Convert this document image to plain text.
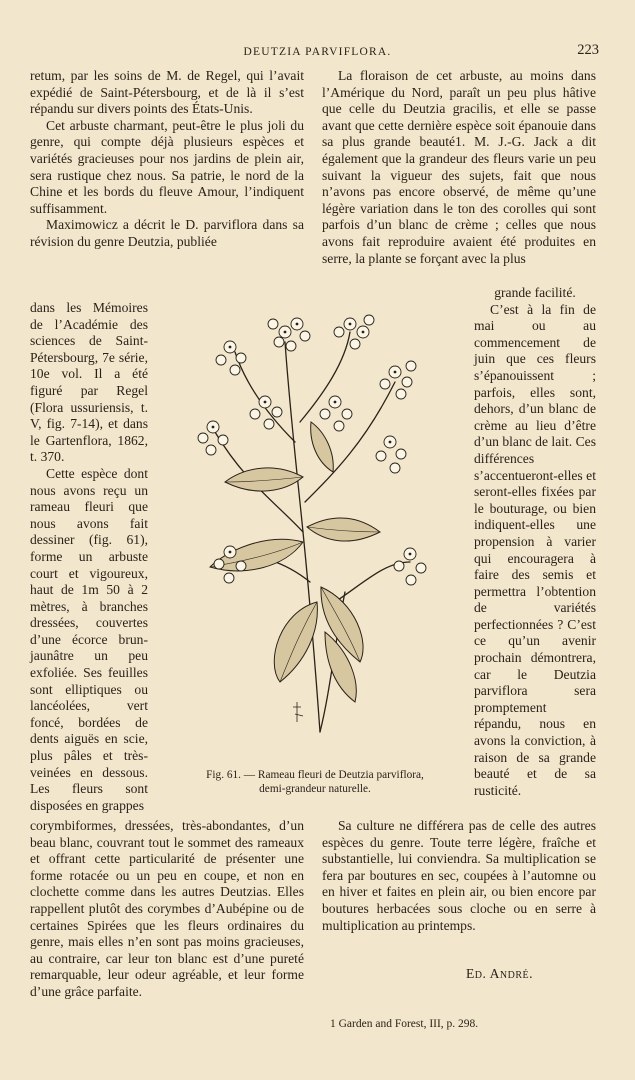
DEUTZIA PARVIFLORA.	223

retum, par les soins de M. de Regel, qui l’avait expédié de Saint-Pétersbourg, et de là il s’est répandu sur divers points des États-Unis.

Cet arbuste charmant, peut-être le plus joli du genre, qui compte déjà plusieurs espèces et variétés gracieuses pour nos jardins de plein air, sera rustique chez nous. Sa patrie, le nord de la Chine et les bords du fleuve Amour, l’indiquent suffisamment.

Maximowicz a décrit le D. parviflora dans sa révision du genre Deutzia, publiée

dans les Mémoires de l’Académie des sciences de Saint-Pétersbourg, 7e série, 10e vol. Il a été figuré par Regel (Flora ussuriensis, t. V, fig. 7-14), et dans le Gartenflora, 1862, t. 370.

Cette espèce dont nous avons reçu un rameau fleuri que nous avons fait dessiner (fig. 61), forme un arbuste court et vigoureux, haut de 1m 50 à 2 mètres, à branches dressées, couvertes d’une écorce brun-jaunâtre un peu exfoliée. Ses feuilles sont elliptiques ou lancéolées, vert foncé, bordées de dents aiguës en scie, plus pâles et très-veinées en dessous. Les fleurs sont disposées en grappes

corymbiformes, dressées, très-abondantes, d’un beau blanc, couvrant tout le sommet des rameaux et offrant cette particularité de présenter une forme rotacée ou un peu en coupe, et non en clochette comme dans les autres Deutzias. Elles rappellent plutôt des corymbes d’Aubépine ou de certaines Spirées que les fleurs ordinaires du genre, mais elles n’en sont pas moins gracieuses, au contraire, car leur ton blanc est d’une pureté remarquable, leur odeur agréable, et leur forme d’une grâce parfaite.

La floraison de cet arbuste, au moins dans l’Amérique du Nord, paraît un peu plus hâtive que celle du Deutzia gracilis, et elle se passe avant que cette dernière espèce soit épanouie dans sa plus grande beauté1. M. J.-G. Jack a dit également que la grandeur des fleurs varie un peu suivant la vigueur des sujets, fait que nous n’avons pas encore observé, de même qu’une légère variation dans le ton des corolles qui sont parfois d’un blanc de crème ; celles que nous avons fait reproduire avaient été produites en serre, la plante se forçant avec la plus

grande facilité.

C’est à la fin de mai ou au commencement de juin que ces fleurs s’épanouissent ; parfois, elles sont, dehors, d’un blanc de crème au lieu d’être d’un blanc de lait. Ces différences s’accentueront-elles et seront-elles fixées par le bouturage, ou bien indiquent-elles une propension à varier qui encouragera à faire des semis et permettra l’obtention de variétés perfectionnées ? C’est ce qu’un avenir prochain démontrera, car le Deutzia parviflora sera promptement répandu, nous en avons la conviction, à raison de sa grande beauté et de sa rusticité.

Sa culture ne différera pas de celle des autres espèces du genre. Toute terre légère, fraîche et substantielle, lui conviendra. Sa multiplication se fera par boutures en sec, coupées à l’automne ou en hiver et faites en plein air, ou bien encore par boutures herbacées sous cloche ou en serre à multiplication au printemps.

Fig. 61. — Rameau fleuri de Deutzia parviflora,
demi-grandeur naturelle.
Ed. André.
1 Garden and Forest, III, p. 298.
